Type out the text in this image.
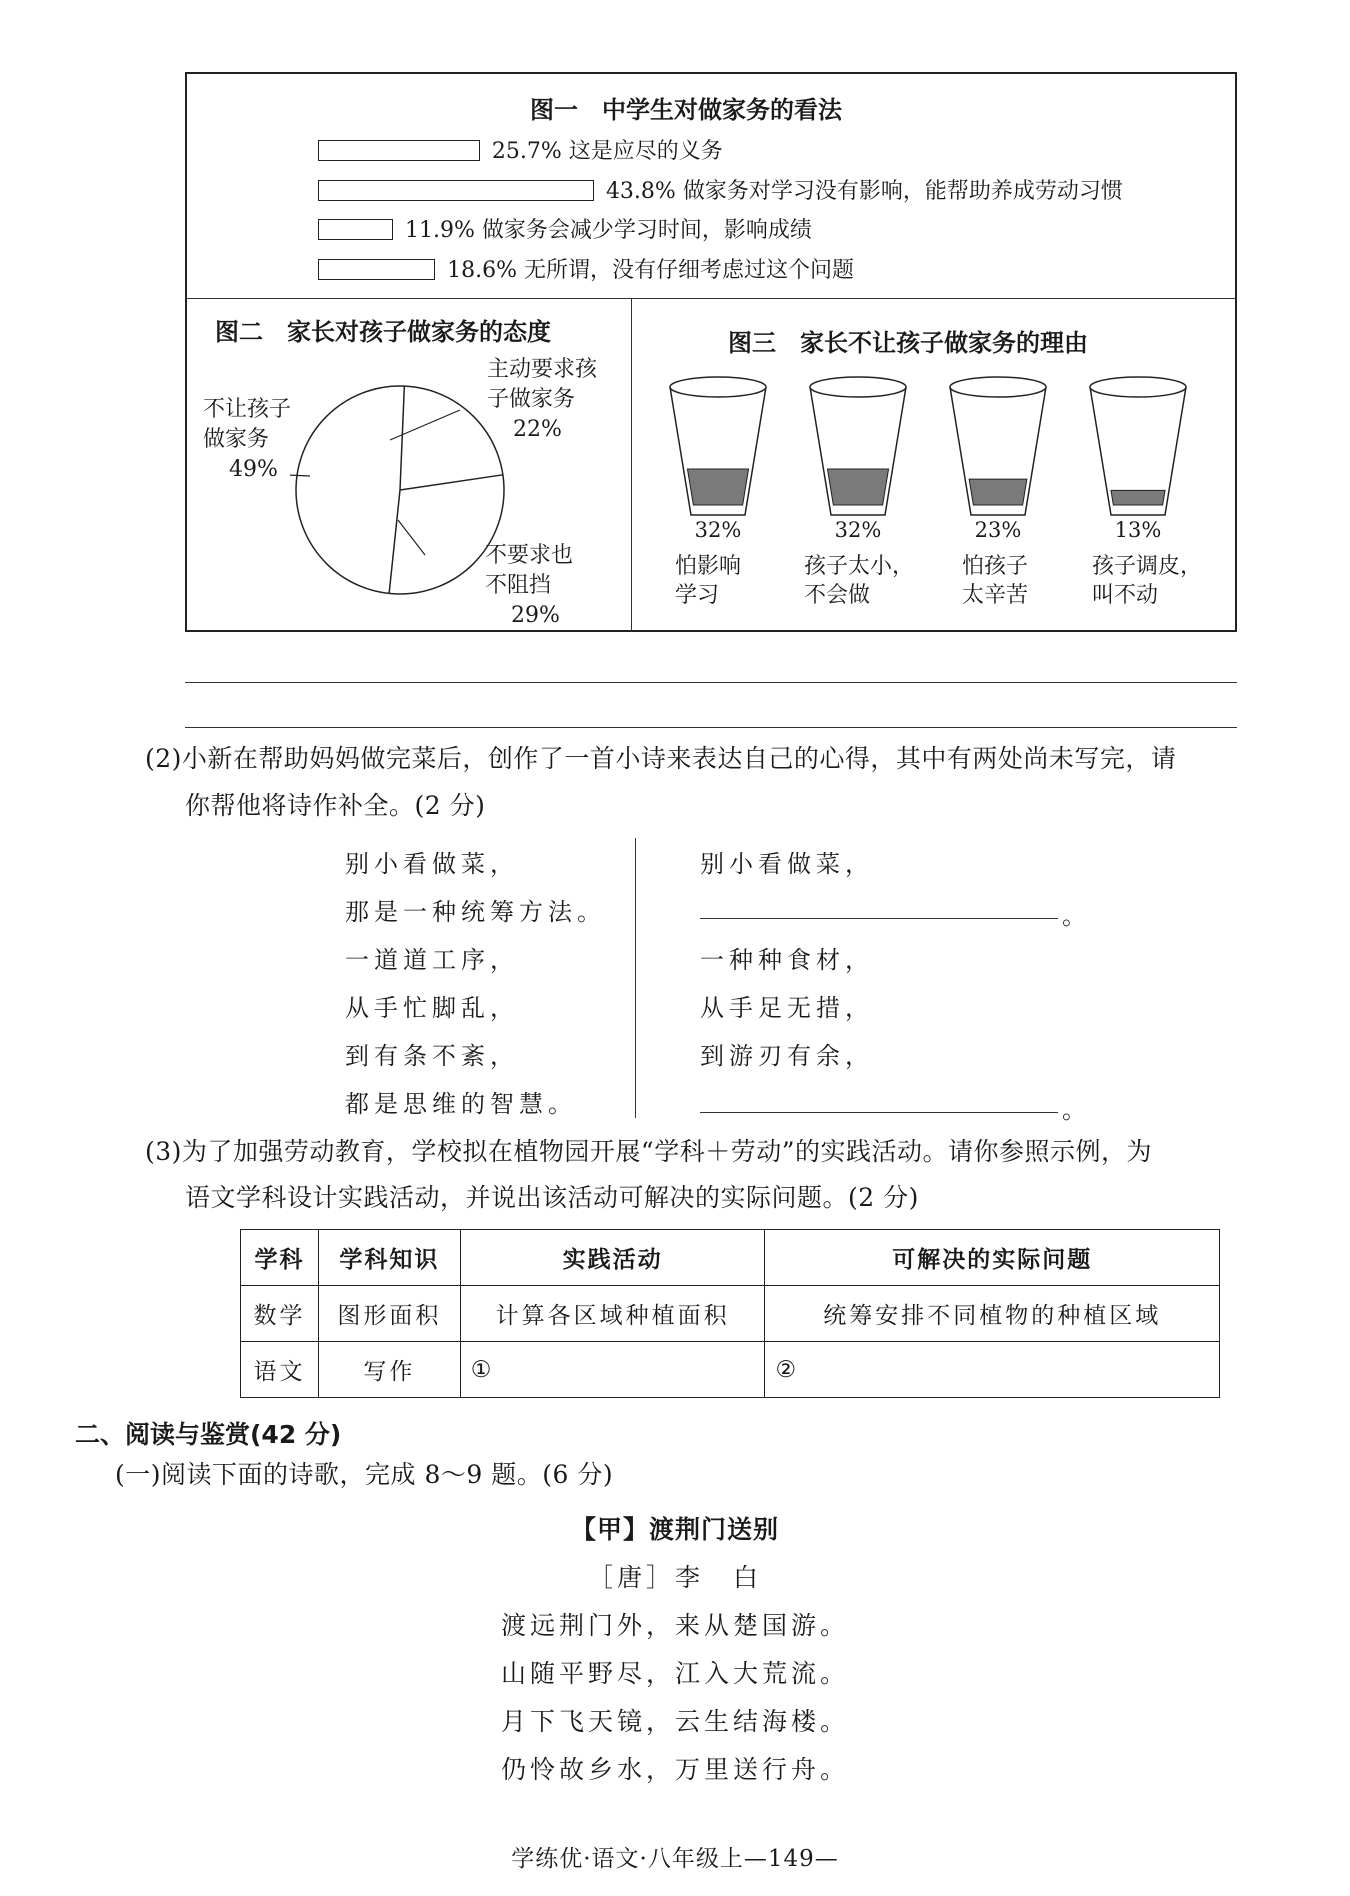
图一　中学生对做家务的看法
25.7% 这是应尽的义务
43.8% 做家务对学习没有影响，能帮助养成劳动习惯
11.9% 做家务会减少学习时间，影响成绩
18.6% 无所谓，没有仔细考虑过这个问题
图二　家长对孩子做家务的态度
不让孩子
做家务
49%
主动要求孩
子做家务
22%
不要求也
不阻挡
29%
图三　家长不让孩子做家务的理由
32%
怕影响
学习
32%
孩子太小，
不会做
23%
怕孩子
太辛苦
13%
孩子调皮，
叫不动
(2)小新在帮助妈妈做完菜后，创作了一首小诗来表达自己的心得，其中有两处尚未写完，请
你帮他将诗作补全。(2 分)
别小看做菜，
那是一种统筹方法。
一道道工序，
从手忙脚乱，
到有条不紊，
都是思维的智慧。
别小看做菜，
一种种食材，
从手足无措，
到游刃有余，
。
。
(3)为了加强劳动教育，学校拟在植物园开展“学科＋劳动”的实践活动。请你参照示例，为
语文学科设计实践活动，并说出该活动可解决的实际问题。(2 分)
学科	学科知识	实践活动	可解决的实际问题
数学	图形面积	计算各区域种植面积	统筹安排不同植物的种植区域
语文	写作	①	②
二、阅读与鉴赏(42 分)
(一)阅读下面的诗歌，完成 8～9 题。(6 分)
【甲】渡荆门送别
［唐］李　白
渡远荆门外，来从楚国游。
山随平野尽，江入大荒流。
月下飞天镜，云生结海楼。
仍怜故乡水，万里送行舟。
学练优·语文·八年级上—149—
